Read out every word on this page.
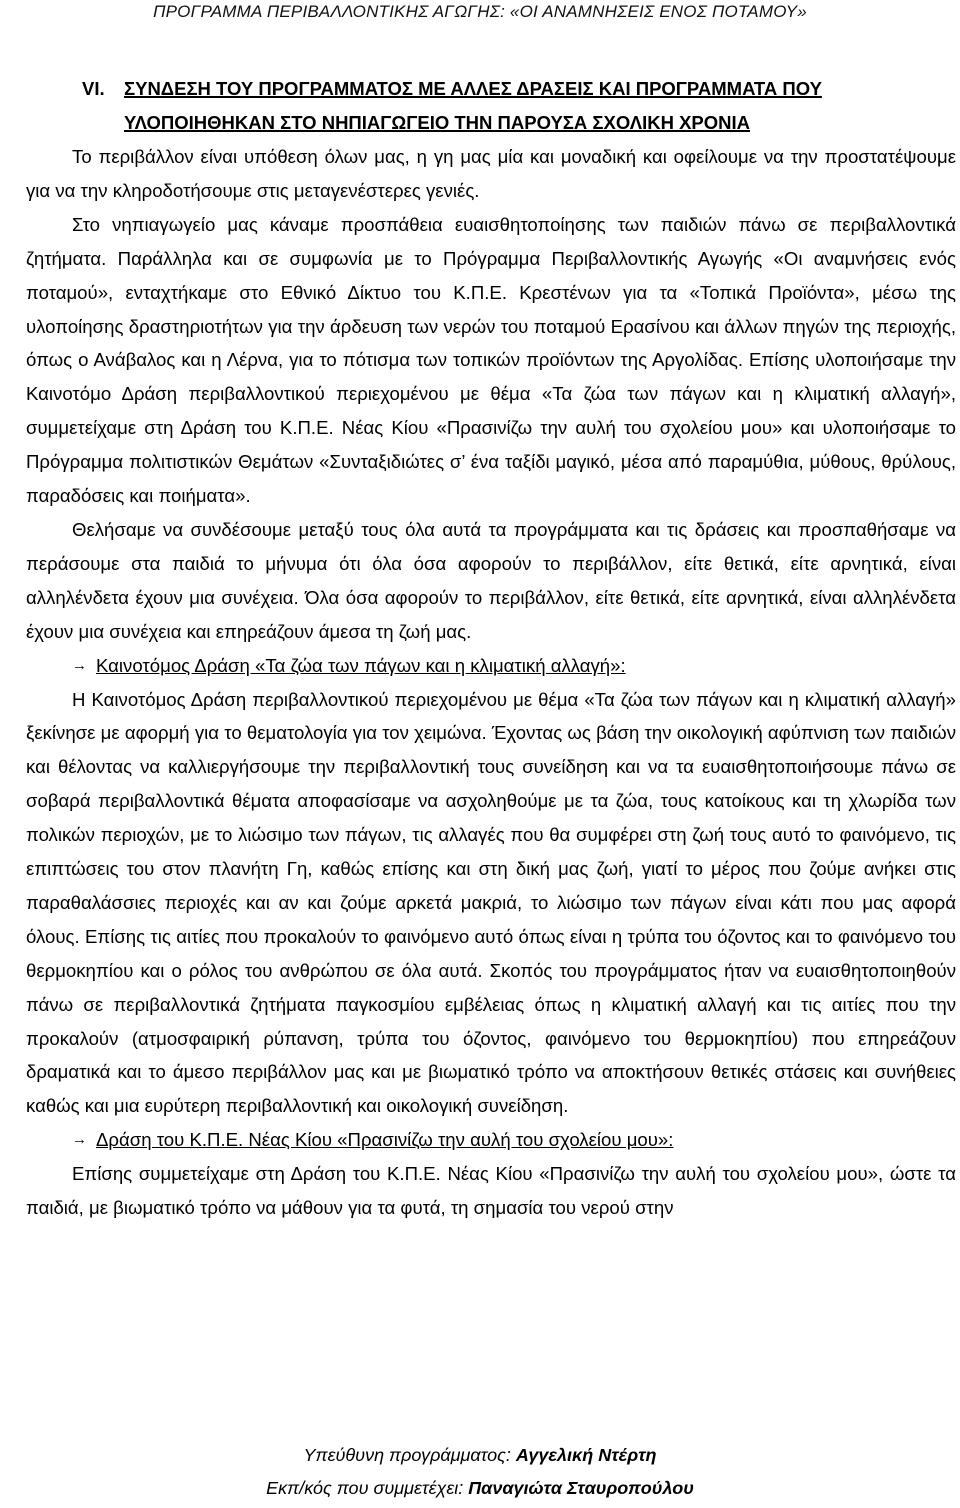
ΠΡΟΓΡΑΜΜΑ ΠΕΡΙΒΑΛΛΟΝΤΙΚΗΣ ΑΓΩΓΗΣ: «ΟΙ ΑΝΑΜΝΗΣΕΙΣ ΕΝΟΣ ΠΟΤΑΜΟΥ»
VI. ΣΥΝΔΕΣΗ ΤΟΥ ΠΡΟΓΡΑΜΜΑΤΟΣ ΜΕ ΑΛΛΕΣ ΔΡΑΣΕΙΣ ΚΑΙ ΠΡΟΓΡΑΜΜΑΤΑ ΠΟΥ ΥΛΟΠΟΙΗΘΗΚΑΝ ΣΤΟ ΝΗΠΙΑΓΩΓΕΙΟ ΤΗΝ ΠΑΡΟΥΣΑ ΣΧΟΛΙΚΗ ΧΡΟΝΙΑ

Το περιβάλλον είναι υπόθεση όλων μας, η γη μας μία και μοναδική και οφείλουμε να την προστατέψουμε για να την κληροδοτήσουμε στις μεταγενέστερες γενιές.

Στο νηπιαγωγείο μας κάναμε προσπάθεια ευαισθητοποίησης των παιδιών πάνω σε περιβαλλοντικά ζητήματα. Παράλληλα και σε συμφωνία με το Πρόγραμμα Περιβαλλοντικής Αγωγής «Οι αναμνήσεις ενός ποταμού», ενταχτήκαμε στο Εθνικό Δίκτυο του Κ.Π.Ε. Κρεστένων για τα «Τοπικά Προϊόντα», μέσω της υλοποίησης δραστηριοτήτων για την άρδευση των νερών του ποταμού Ερασίνου και άλλων πηγών της περιοχής, όπως ο Ανάβαλος και η Λέρνα, για το πότισμα των τοπικών προϊόντων της Αργολίδας. Επίσης υλοποιήσαμε την Καινοτόμο Δράση περιβαλλοντικού περιεχομένου με θέμα «Τα ζώα των πάγων και η κλιματική αλλαγή», συμμετείχαμε στη Δράση του Κ.Π.Ε. Νέας Κίου «Πρασινίζω την αυλή του σχολείου μου» και υλοποιήσαμε το Πρόγραμμα πολιτιστικών Θεμάτων «Συνταξιδιώτες σ’ ένα ταξίδι μαγικό, μέσα από παραμύθια, μύθους, θρύλους, παραδόσεις και ποιήματα».

Θελήσαμε να συνδέσουμε μεταξύ τους όλα αυτά τα προγράμματα και τις δράσεις και προσπαθήσαμε να περάσουμε στα παιδιά το μήνυμα ότι όλα όσα αφορούν το περιβάλλον, είτε θετικά, είτε αρνητικά, είναι αλληλένδετα έχουν μια συνέχεια. Όλα όσα αφορούν το περιβάλλον, είτε θετικά, είτε αρνητικά, είναι αλληλένδετα έχουν μια συνέχεια και επηρεάζουν άμεσα τη ζωή μας.

→ Καινοτόμος Δράση «Τα ζώα των πάγων και η κλιματική αλλαγή»:

Η Καινοτόμος Δράση περιβαλλοντικού περιεχομένου με θέμα «Τα ζώα των πάγων και η κλιματική αλλαγή» ξεκίνησε με αφορμή για το θεματολογία για τον χειμώνα. Έχοντας ως βάση την οικολογική αφύπνιση των παιδιών και θέλοντας να καλλιεργήσουμε την περιβαλλοντική τους συνείδηση και να τα ευαισθητοποιήσουμε πάνω σε σοβαρά περιβαλλοντικά θέματα αποφασίσαμε να ασχοληθούμε με τα ζώα, τους κατοίκους και τη χλωρίδα των πολικών περιοχών, με το λιώσιμο των πάγων, τις αλλαγές που θα συμφέρει στη ζωή τους αυτό το φαινόμενο, τις επιπτώσεις του στον πλανήτη Γη, καθώς επίσης και στη δική μας ζωή, γιατί το μέρος που ζούμε ανήκει στις παραθαλάσσιες περιοχές και αν και ζούμε αρκετά μακριά, το λιώσιμο των πάγων είναι κάτι που μας αφορά όλους. Επίσης τις αιτίες που προκαλούν το φαινόμενο αυτό όπως είναι η τρύπα του όζοντος και το φαινόμενο του θερμοκηπίου και ο ρόλος του ανθρώπου σε όλα αυτά. Σκοπός του προγράμματος ήταν να ευαισθητοποιηθούν πάνω σε περιβαλλοντικά ζητήματα παγκοσμίου εμβέλειας όπως η κλιματική αλλαγή και τις αιτίες που την προκαλούν (ατμοσφαιρική ρύπανση, τρύπα του όζοντος, φαινόμενο του θερμοκηπίου) που επηρεάζουν δραματικά και το άμεσο περιβάλλον μας και με βιωματικό τρόπο να αποκτήσουν θετικές στάσεις και συνήθειες καθώς και μια ευρύτερη περιβαλλοντική και οικολογική συνείδηση.

→ Δράση του Κ.Π.Ε. Νέας Κίου «Πρασινίζω την αυλή του σχολείου μου»:

Επίσης συμμετείχαμε στη Δράση του Κ.Π.Ε. Νέας Κίου «Πρασινίζω την αυλή του σχολείου μου», ώστε τα παιδιά, με βιωματικό τρόπο να μάθουν για τα φυτά, τη σημασία του νερού στην

Υπεύθυνη προγράμματος: Αγγελική Ντέρτη
Εκπ/κός που συμμετέχει: Παναγιώτα Σταυροπούλου
